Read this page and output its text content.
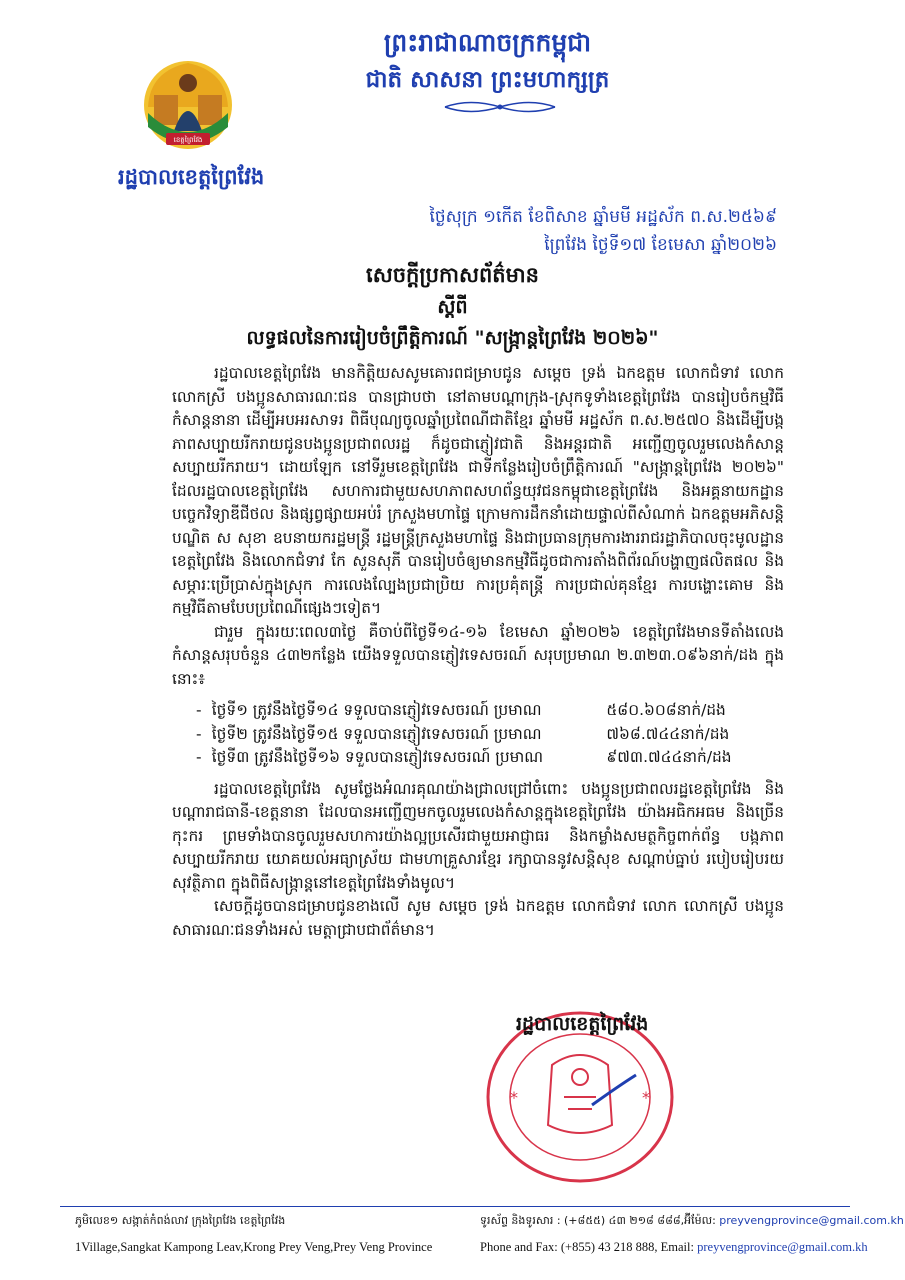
ព្រះរាជាណាចក្រកម្ពុជា
ជាតិ សាសនា ព្រះមហាក្សត្រ
ខេត្តព្រៃវែង
រដ្ឋបាលខេត្តព្រៃវែង
ថ្ងៃសុក្រ ១កើត ខែពិសាខ ឆ្នាំមមី អដ្ឋស័ក ព.ស.២៥៦៩
ព្រៃវែង ថ្ងៃទី១៧ ខែមេសា ឆ្នាំ២០២៦
សេចក្តីប្រកាសព័ត៌មាន
ស្តីពី
លទ្ធផលនៃការរៀបចំព្រឹត្តិការណ៍ "សង្ក្រាន្តព្រៃវែង ២០២៦"

រដ្ឋបាលខេត្តព្រៃវែង មានកិត្តិយសសូមគោរពជម្រាបជូន សម្តេច ទ្រង់ ឯកឧត្តម លោកជំទាវ លោក លោកស្រី បងប្អូនសាធារណៈជន បានជ្រាបថា នៅតាមបណ្តាក្រុង-ស្រុកទូទាំងខេត្តព្រៃវែង បានរៀបចំកម្មវិធីកំសាន្តនានា ដើម្បីអបអរសាទរ ពិធីបុណ្យចូលឆ្នាំប្រពៃណីជាតិខ្មែរ ឆ្នាំមមី អដ្ឋស័ក ព.ស.២៥៧០ និងដើម្បីបង្កភាពសប្បាយរីករាយជូនបងប្អូនប្រជាពលរដ្ឋ ក៏ដូចជាភ្ញៀវជាតិ និងអន្តរជាតិ អញ្ជើញចូលរួមលេងកំសាន្តសប្បាយរីករាយ។ ដោយឡែក នៅទីរួមខេត្តព្រៃវែង ជាទីកន្លែងរៀបចំព្រឹត្តិការណ៍ "សង្ក្រាន្តព្រៃវែង ២០២៦" ដែលរដ្ឋបាលខេត្តព្រៃវែង សហការជាមួយសហភាពសហព័ន្ធយុវជនកម្ពុជាខេត្តព្រៃវែង និងអគ្គនាយកដ្ឋានបច្ចេកវិទ្យាឌីជីថល និងផ្សព្វផ្សាយអប់រំ ក្រសួងមហាផ្ទៃ ក្រោមការដឹកនាំដោយផ្ទាល់ពីសំណាក់ ឯកឧត្តមអភិសន្តិបណ្ឌិត ស សុខា ឧបនាយករដ្ឋមន្ត្រី រដ្ឋមន្ត្រីក្រសួងមហាផ្ទៃ និងជាប្រធានក្រុមការងាររាជរដ្ឋាភិបាលចុះមូលដ្ឋានខេត្តព្រៃវែង និងលោកជំទាវ កែ សួនសុភី បានរៀបចំឲ្យមានកម្មវិធីដូចជាការតាំងពិព័រណ៍បង្ហាញផលិតផល និងសម្ភារៈប្រើប្រាស់ក្នុងស្រុក ការលេងល្បែងប្រជាប្រិយ ការប្រគុំតន្ត្រី ការប្រជាល់គុនខ្មែរ ការបង្ហោះគោម និងកម្មវិធីតាមបែបប្រពៃណីផ្សេងៗទៀត។

ជារួម ក្នុងរយៈពេល៣ថ្ងៃ គឺចាប់ពីថ្ងៃទី១៤-១៦ ខែមេសា ឆ្នាំ២០២៦ ខេត្តព្រៃវែងមានទីតាំងលេងកំសាន្តសរុបចំនួន ៤៣២កន្លែង យើងទទួលបានភ្ញៀវទេសចរណ៍ សរុបប្រមាណ ២.៣២៣.០៩៦នាក់/ដង ក្នុងនោះ៖

- ថ្ងៃទី១ ត្រូវនឹងថ្ងៃទី១៤ ទទួលបានភ្ញៀវទេសចរណ៍ ប្រមាណ	៥៨០.៦០៨នាក់/ដង
- ថ្ងៃទី២ ត្រូវនឹងថ្ងៃទី១៥ ទទួលបានភ្ញៀវទេសចរណ៍ ប្រមាណ	៧៦៨.៧៤៤នាក់/ដង
- ថ្ងៃទី៣ ត្រូវនឹងថ្ងៃទី១៦ ទទួលបានភ្ញៀវទេសចរណ៍ ប្រមាណ	៩៧៣.៧៤៤នាក់/ដង

រដ្ឋបាលខេត្តព្រៃវែង សូមថ្លែងអំណរគុណយ៉ាងជ្រាលជ្រៅចំពោះ បងប្អូនប្រជាពលរដ្ឋខេត្តព្រៃវែង និងបណ្តារាជធានី-ខេត្តនានា ដែលបានអញ្ជើញមកចូលរួមលេងកំសាន្តក្នុងខេត្តព្រៃវែង យ៉ាងអធិកអធម និងច្រើនកុះករ ព្រមទាំងបានចូលរួមសហការយ៉ាងល្អប្រសើរជាមួយអាជ្ញាធរ និងកម្លាំងសមត្ថកិច្ចពាក់ព័ន្ធ បង្កភាពសប្បាយរីករាយ យោគយល់អធ្យាស្រ័យ ជាមហាគ្រួសារខ្មែរ រក្សាបាននូវសន្តិសុខ សណ្តាប់ធ្នាប់ របៀបរៀបរយ សុវត្ថិភាព ក្នុងពិធីសង្ក្រាន្តនៅខេត្តព្រៃវែងទាំងមូល។

សេចក្តីដូចបានជម្រាបជូនខាងលើ សូម សម្តេច ទ្រង់ ឯកឧត្តម លោកជំទាវ លោក លោកស្រី បងប្អូនសាធារណៈជនទាំងអស់ មេត្តាជ្រាបជាព័ត៌មាន។

*	*
រដ្ឋបាលខេត្តព្រៃវែង
ភូមិលេខ១ សង្កាត់កំពង់លាវ ក្រុងព្រៃវែង ខេត្តព្រៃវែង
1Village,Sangkat Kampong Leav,Krong Prey Veng,Prey Veng Province
ទូរស័ព្ទ និងទូរសារ : (+៨៥៥) ៤៣ ២១៨ ៨៨៨,អ៊ីម៉ែល: preyvengprovince@gmail.com.kh
Phone and Fax: (+855) 43 218 888, Email: preyvengprovince@gmail.com.kh
